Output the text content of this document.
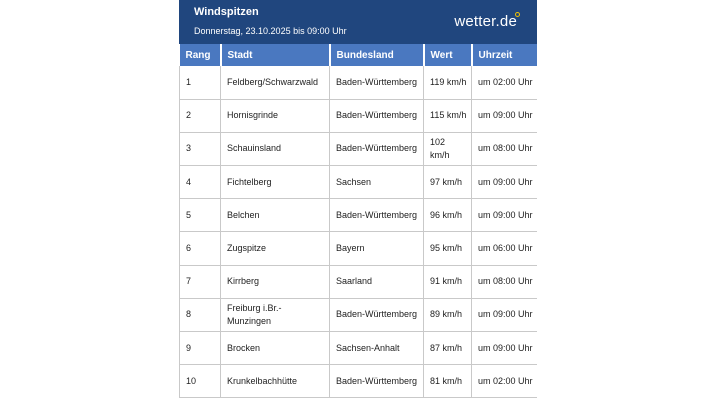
Windspitzen
Donnerstag, 23.10.2025 bis 09:00 Uhr
wetter.de
Rang	Stadt	Bundesland	Wert	Uhrzeit
1	Feldberg/Schwarzwald	Baden-Württemberg	119 km/h	um 02:00 Uhr
2	Hornisgrinde	Baden-Württemberg	115 km/h	um 09:00 Uhr
3	Schauinsland	Baden-Württemberg	102 km/h	um 08:00 Uhr
4	Fichtelberg	Sachsen	97 km/h	um 09:00 Uhr
5	Belchen	Baden-Württemberg	96 km/h	um 09:00 Uhr
6	Zugspitze	Bayern	95 km/h	um 06:00 Uhr
7	Kirrberg	Saarland	91 km/h	um 08:00 Uhr
8	Freiburg i.Br.-Munzingen	Baden-Württemberg	89 km/h	um 09:00 Uhr
9	Brocken	Sachsen-Anhalt	87 km/h	um 09:00 Uhr
10	Krunkelbachhütte	Baden-Württemberg	81 km/h	um 02:00 Uhr
